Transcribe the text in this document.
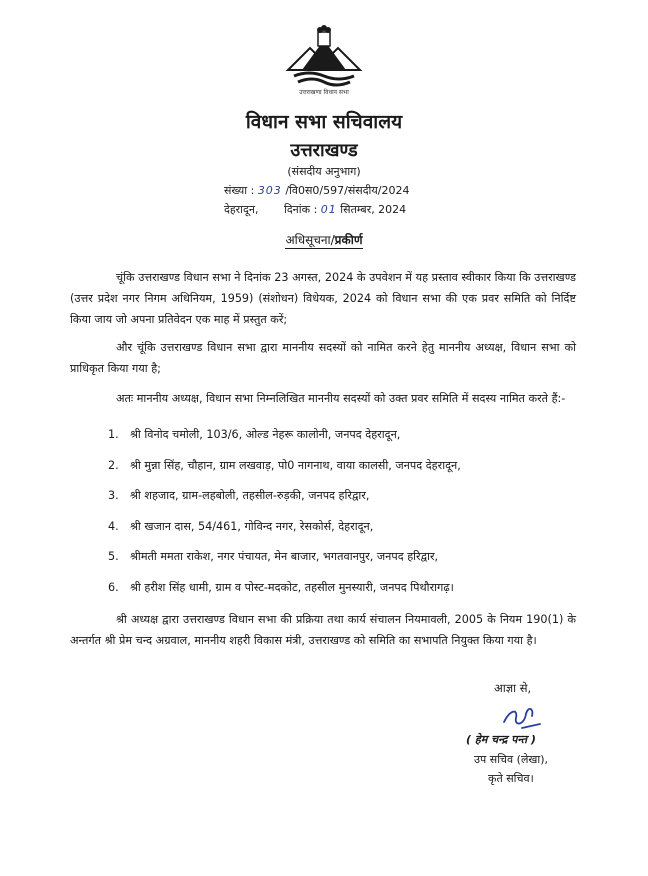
उत्तराखण्ड विधान सभा
विधान सभा सचिवालय
उत्तराखण्ड
(संसदीय अनुभाग)
संख्या : 303 /वि0स0/597/संसदीय/2024
देहरादून, दिनांक : 01 सितम्बर, 2024
अधिसूचना/प्रकीर्ण

चूंकि उत्तराखण्ड विधान सभा ने दिनांक 23 अगस्त, 2024 के उपवेशन में यह प्रस्ताव स्वीकार किया कि उत्तराखण्ड (उत्तर प्रदेश नगर निगम अधिनियम, 1959) (संशोधन) विधेयक, 2024 को विधान सभा की एक प्रवर समिति को निर्दिष्ट किया जाय जो अपना प्रतिवेदन एक माह में प्रस्तुत करें;

और चूंकि उत्तराखण्ड विधान सभा द्वारा माननीय सदस्यों को नामित करने हेतु माननीय अध्यक्ष, विधान सभा को प्राधिकृत किया गया है;

अतः माननीय अध्यक्ष, विधान सभा निम्नलिखित माननीय सदस्यों को उक्त प्रवर समिति में सदस्य नामित करते हैं:-

1. श्री विनोद चमोली, 103/6, ओल्ड नेहरू कालोनी, जनपद देहरादून,
2. श्री मुन्ना सिंह, चौहान, ग्राम लखवाड़, पो0 नागनाथ, वाया कालसी, जनपद देहरादून,
3. श्री शहजाद, ग्राम-लहबोली, तहसील-रुड़की, जनपद हरिद्वार,
4. श्री खजान दास, 54/461, गोविन्द नगर, रेसकोर्स, देहरादून,
5. श्रीमती ममता राकेश, नगर पंचायत, मेन बाजार, भगतवानपुर, जनपद हरिद्वार,
6. श्री हरीश सिंह धामी, ग्राम व पोस्ट-मदकोट, तहसील मुनस्यारी, जनपद पिथौरागढ़।

श्री अध्यक्ष द्वारा उत्तराखण्ड विधान सभा की प्रक्रिया तथा कार्य संचालन नियमावली, 2005 के नियम 190(1) के अन्तर्गत श्री प्रेम चन्द अग्रवाल, माननीय शहरी विकास मंत्री, उत्तराखण्ड को समिति का सभापति नियुक्त किया गया है।

आज्ञा से,
( हेम चन्द्र पन्त )
उप सचिव (लेखा),
कृते सचिव।
